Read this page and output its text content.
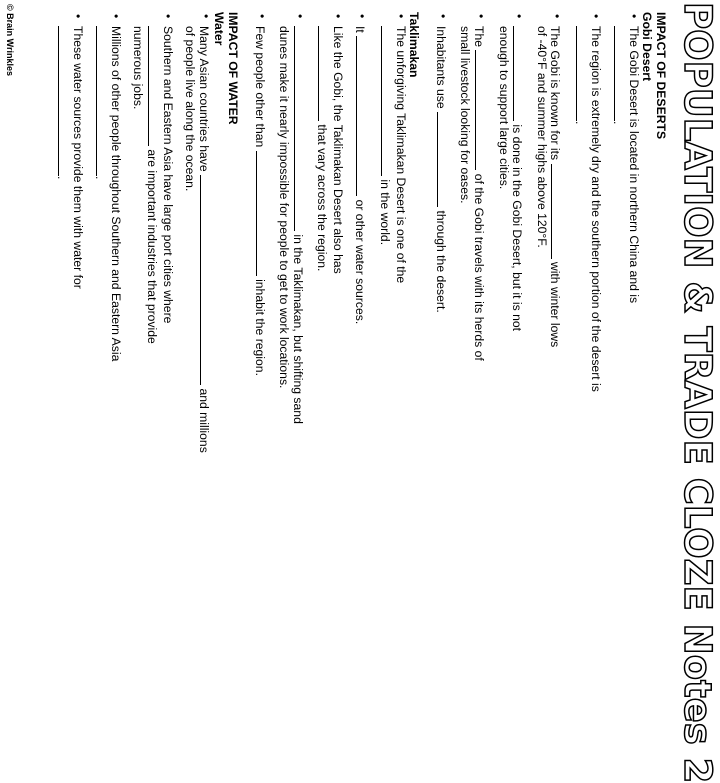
POPULATION & TRADE CLOZE Notes 2
IMPACT OF DESERTS
Gobi Desert
• The Gobi Desert is located in northern China and is
.
• The region is extremely dry and the southern portion of the desert is
.
• The Gobi is known for its  with winter lows
of -40°F and summer highs above 120°F.
• is done in the Gobi Desert, but it is not
enough to support large cities.
• The  of the Gobi travels with its herds of
small livestock looking for oases.
• Inhabitants use  through the desert.
Taklimakan
• The unforgiving Taklimakan Desert is one of the
in the world.
• It  or other water sources.
• Like the Gobi, the Taklimakan Desert also has
that vary across the region.
• in the Taklimakan, but shifting sand
dunes make it nearly impossible for people to get to work locations.
• Few people other than  inhabit the region.
IMPACT OF WATER
Water
• Many Asian countries have  and millions
of people live along the ocean.
• Southern and Eastern Asia have large port cities where
are important industries that provide
numerous jobs.
• Millions of other people throughout Southern and Eastern Asia
.
• These water sources provide them with water for
.
© Brain Wrinkles
